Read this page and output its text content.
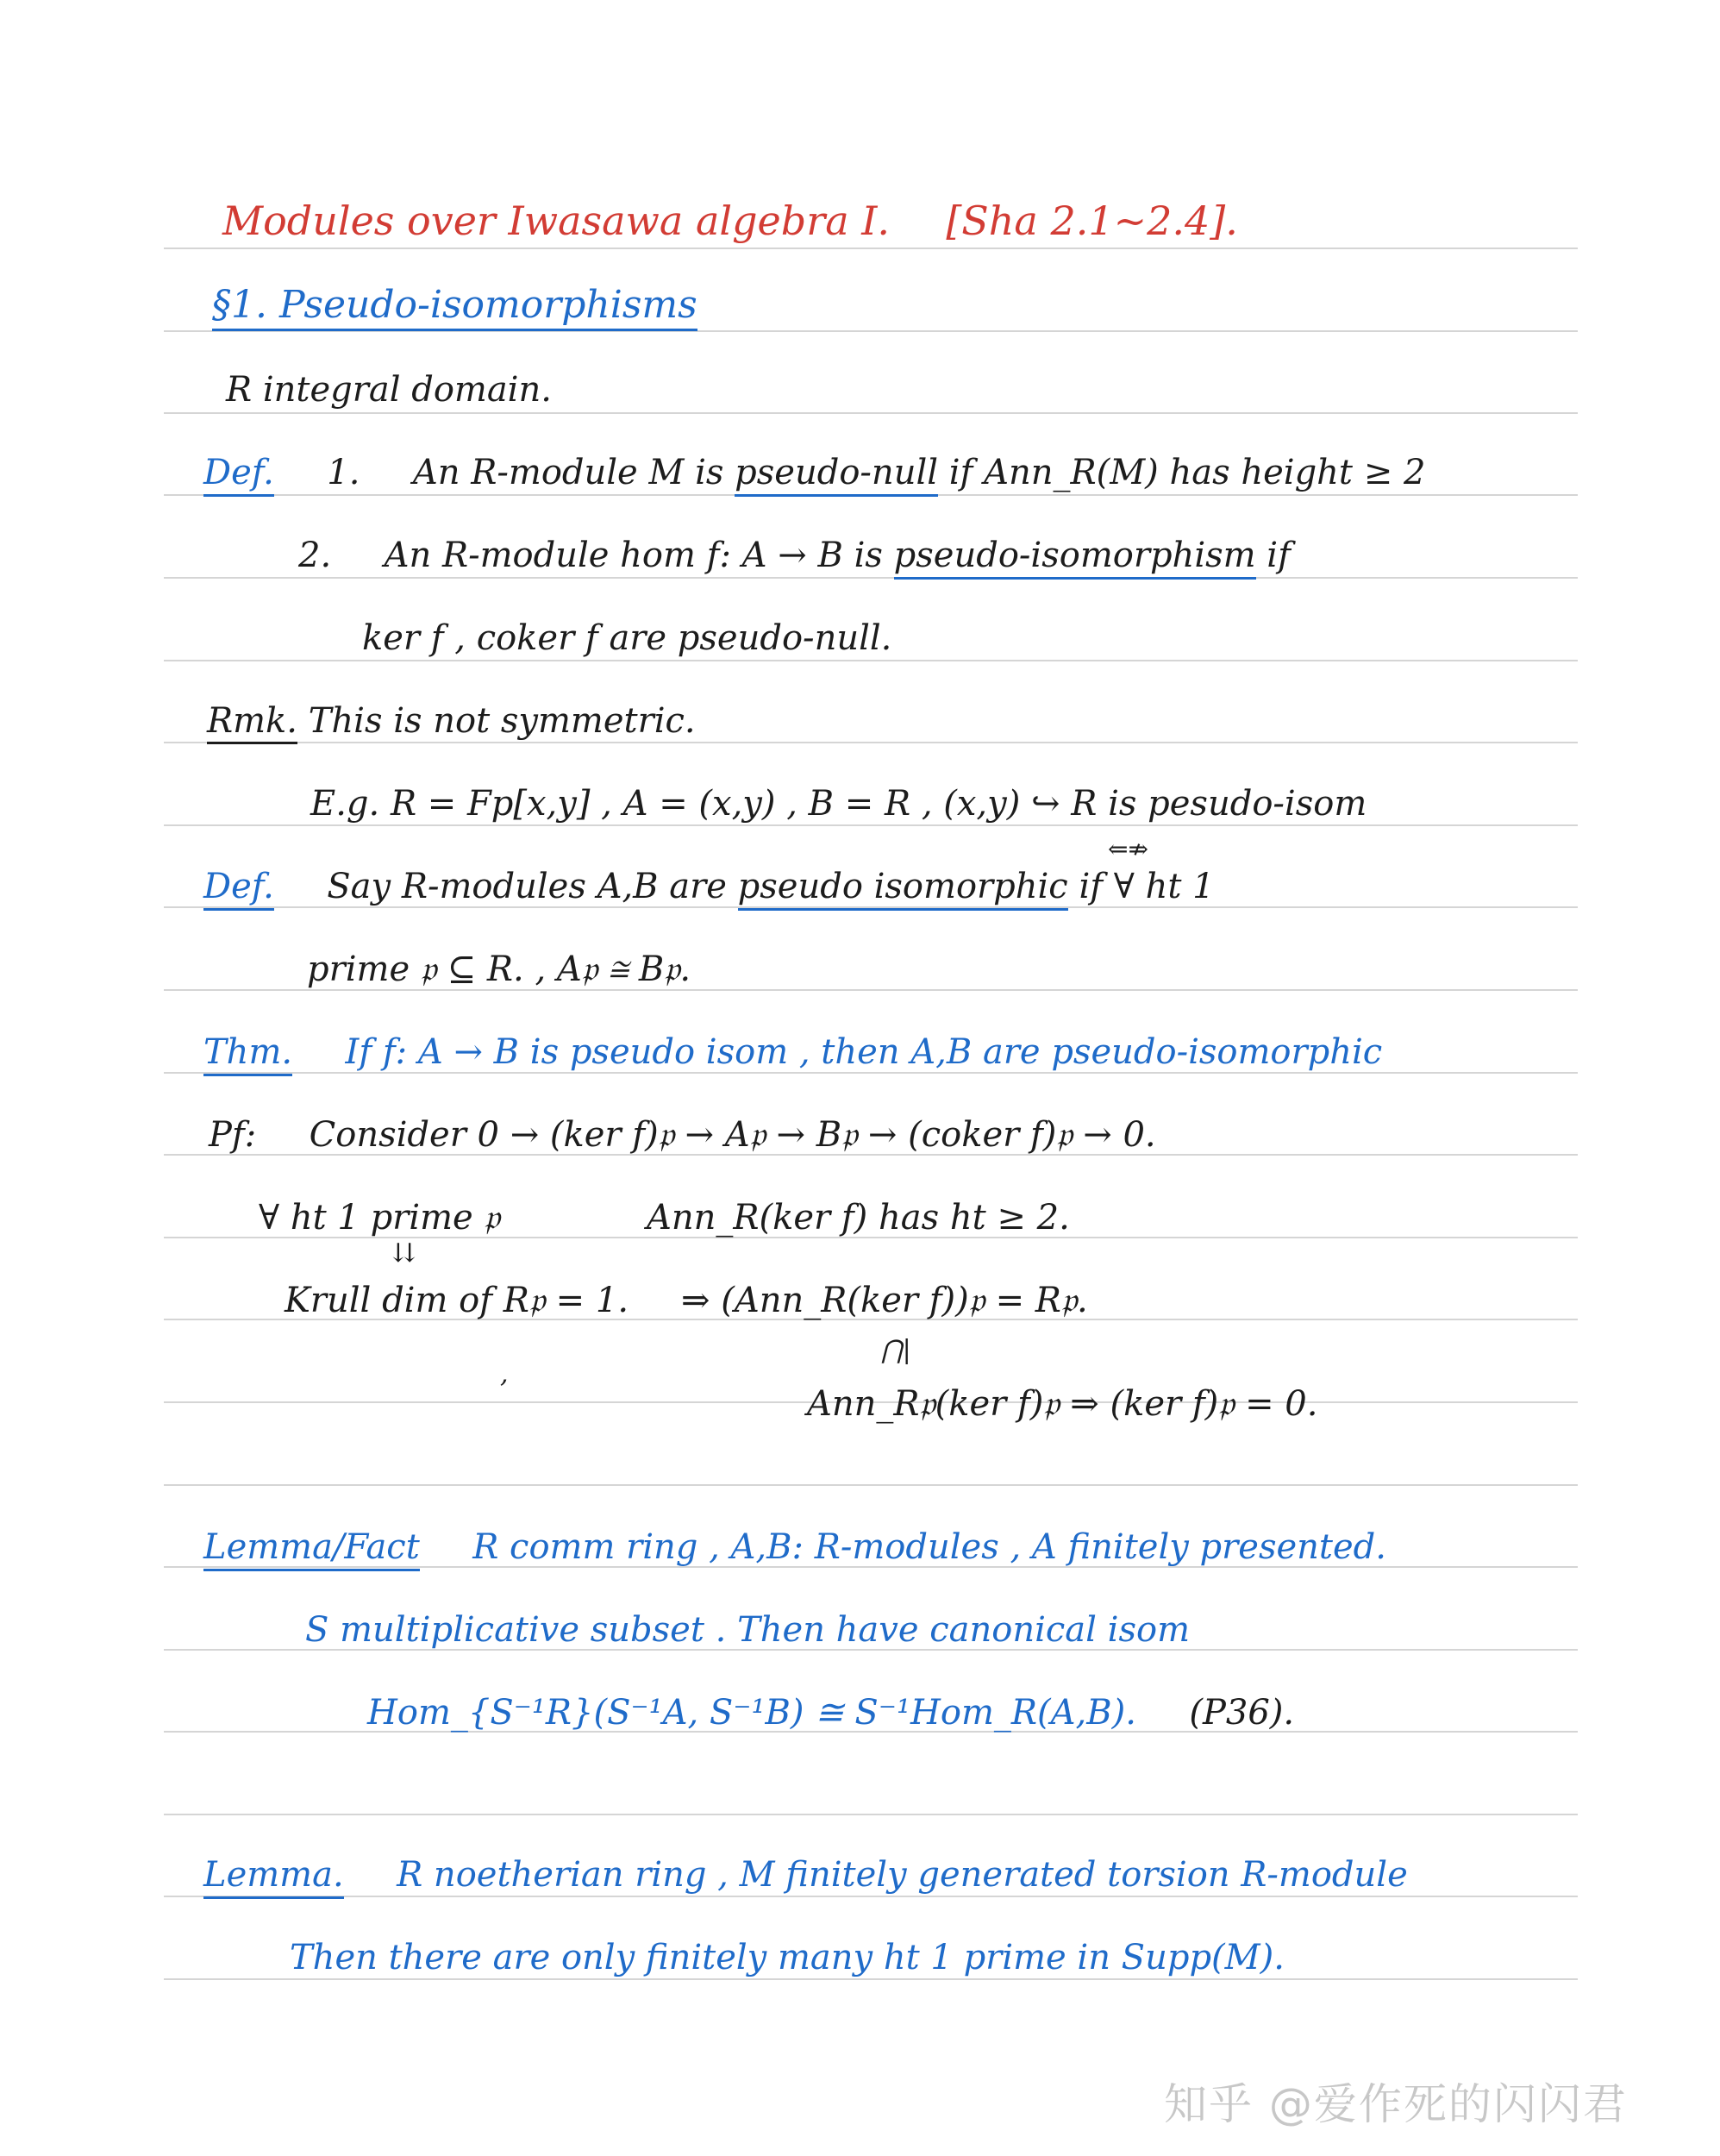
Modules over Iwasawa algebra I. [Sha 2.1~2.4].
§1. Pseudo-isomorphisms
R integral domain.
Def. 1. An R-module M is pseudo-null if Ann_R(M) has height ≥ 2
2. An R-module hom f: A → B is pseudo-isomorphism if
ker f , coker f are pseudo-null.
Rmk. This is not symmetric.
E.g. R = Fp[x,y] , A = (x,y) , B = R , (x,y) ↪ R is pesudo-isom
⇐⇏
Def. Say R-modules A,B are pseudo isomorphic if ∀ ht 1
prime 𝔭 ⊆ R. , A𝔭 ≅ B𝔭.
Thm. If f: A → B is pseudo isom , then A,B are pseudo-isomorphic
Pf: Consider 0 → (ker f)𝔭 → A𝔭 → B𝔭 → (coker f)𝔭 → 0.
∀ ht 1 prime 𝔭	Ann_R(ker f) has ht ≥ 2.
⇊
Krull dim of R𝔭 = 1. ⇒ (Ann_R(ker f))𝔭 = R𝔭.
⋂|
,
Ann_R𝔭(ker f)𝔭 ⇒ (ker f)𝔭 = 0.
Lemma/Fact R comm ring , A,B: R-modules , A finitely presented.
S multiplicative subset . Then have canonical isom
Hom_{S⁻¹R}(S⁻¹A, S⁻¹B) ≅ S⁻¹Hom_R(A,B). (P36).
Lemma. R noetherian ring , M finitely generated torsion R-module
Then there are only finitely many ht 1 prime in Supp(M).
知乎 @爱作死的闪闪君
